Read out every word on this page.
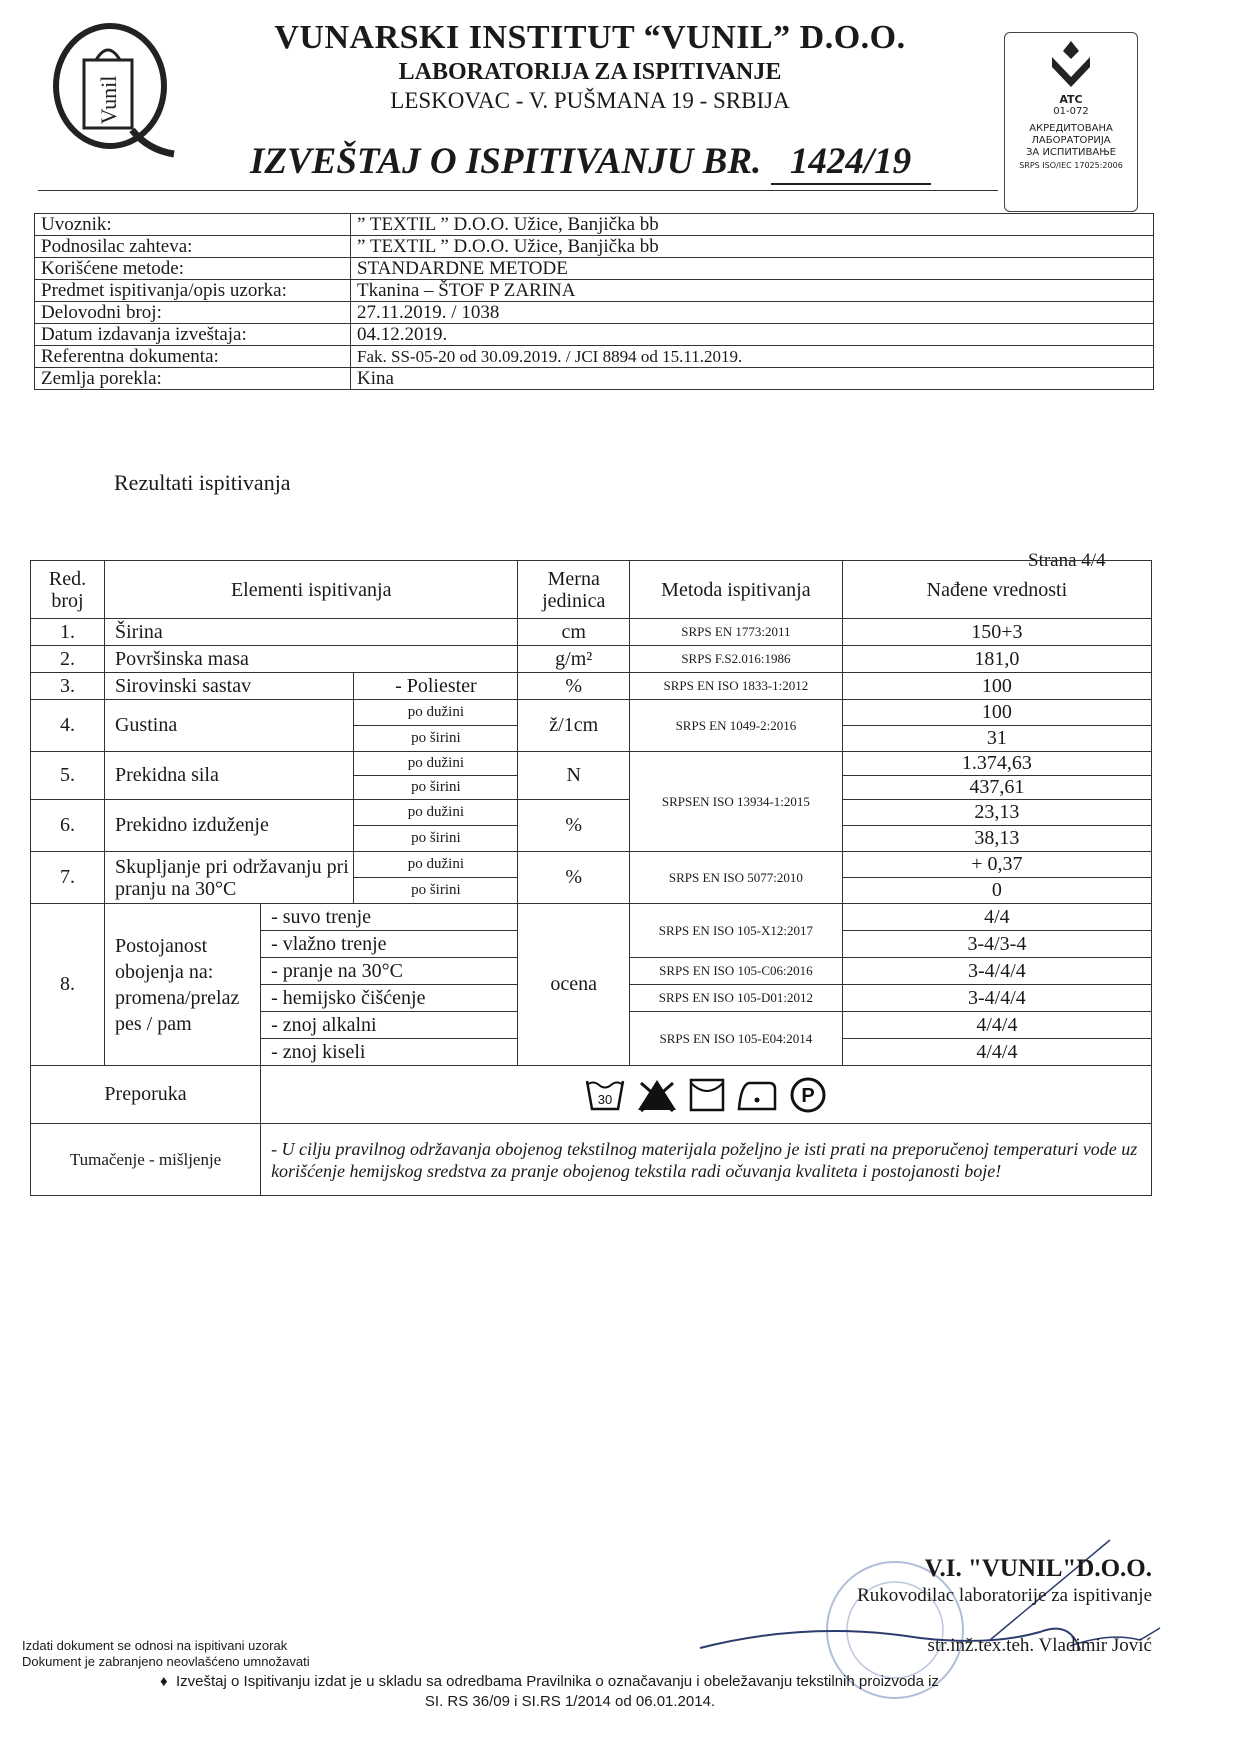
Vunil
VUNARSKI INSTITUT “VUNIL” D.O.O.
LABORATORIJA ZA ISPITIVANJE
LESKOVAC - V. PUŠMANA 19 - SRBIJA
IZVEŠTAJ O ISPITIVANJU BR. 1424/19
ATC
01-072
АКРЕДИТОВАНА
ЛАБОРАТОРИЈА
ЗА ИСПИТИВАЊЕ
SRPS ISO/IEC 17025:2006
Uvoznik:	” TEXTIL ” D.O.O. Užice, Banjička bb
Podnosilac zahteva:	” TEXTIL ” D.O.O. Užice, Banjička bb
Korišćene metode:	STANDARDNE METODE
Predmet ispitivanja/opis uzorka:	Tkanina – ŠTOF P ZARINA
Delovodni broj:	27.11.2019. / 1038
Datum izdavanja izveštaja:	04.12.2019.
Referentna dokumenta:	Fak. SS-05-20 od 30.09.2019. / JCI 8894 od 15.11.2019.
Zemlja porekla:	Kina
Rezultati ispitivanja
Strana 4/4
Red. broj	Elementi ispitivanja			Merna jedinica	Metoda ispitivanja	Nađene vrednosti
1.	Širina			cm	SRPS EN 1773:2011	150+3
2.	Površinska masa			g/m²	SRPS F.S2.016:1986	181,0
3.	Sirovinski sastav		- Poliester	%	SRPS EN ISO 1833-1:2012	100
4.	Gustina		po dužini	ž/1cm	SRPS EN 1049-2:2016	100
			po širini			31
5.	Prekidna sila		po dužini	N	SRPSEN ISO 13934-1:2015	1.374,63
			po širini			437,61
6.	Prekidno izduženje		po dužini	%		23,13
			po širini			38,13
7.	Skupljanje pri održavanju pri pranju na 30°C		po dužini	%	SRPS EN ISO 5077:2010	+ 0,37
			po širini			0
8.	Postojanost obojenja na: promena/prelaz pes / pam	- suvo trenje		ocena	SRPS EN ISO 105-X12:2017	4/4
		- vlažno trenje				3-4/3-4
		- pranje na 30°C			SRPS EN ISO 105-C06:2016	3-4/4/4
		- hemijsko čišćenje			SRPS EN ISO 105-D01:2012	3-4/4/4
		- znoj alkalni			SRPS EN ISO 105-E04:2014	4/4/4
		- znoj kiseli				4/4/4
Preporuka		30 P				

Tumačenje - mišljenje		- U cilju pravilnog održavanja obojenog tekstilnog materijala poželjno je isti prati na preporučenoj temperaturi vode uz korišćenje hemijskog sredstva za pranje obojenog tekstila radi očuvanja kvaliteta i postojanosti boje!				
V.I. "VUNIL"D.O.O.
Rukovodilac laboratorije za ispitivanje
str.inž.tex.teh. Vladimir Jović
Izdati dokument se odnosi na ispitivani uzorak
Dokument je zabranjeno neovlašćeno umnožavati
♦  Izveštaj o Ispitivanju izdat je u skladu sa odredbama Pravilnika o označavanju i obeležavanju tekstilnih proizvoda iz
SI. RS 36/09 i SI.RS 1/2014 od 06.01.2014.
